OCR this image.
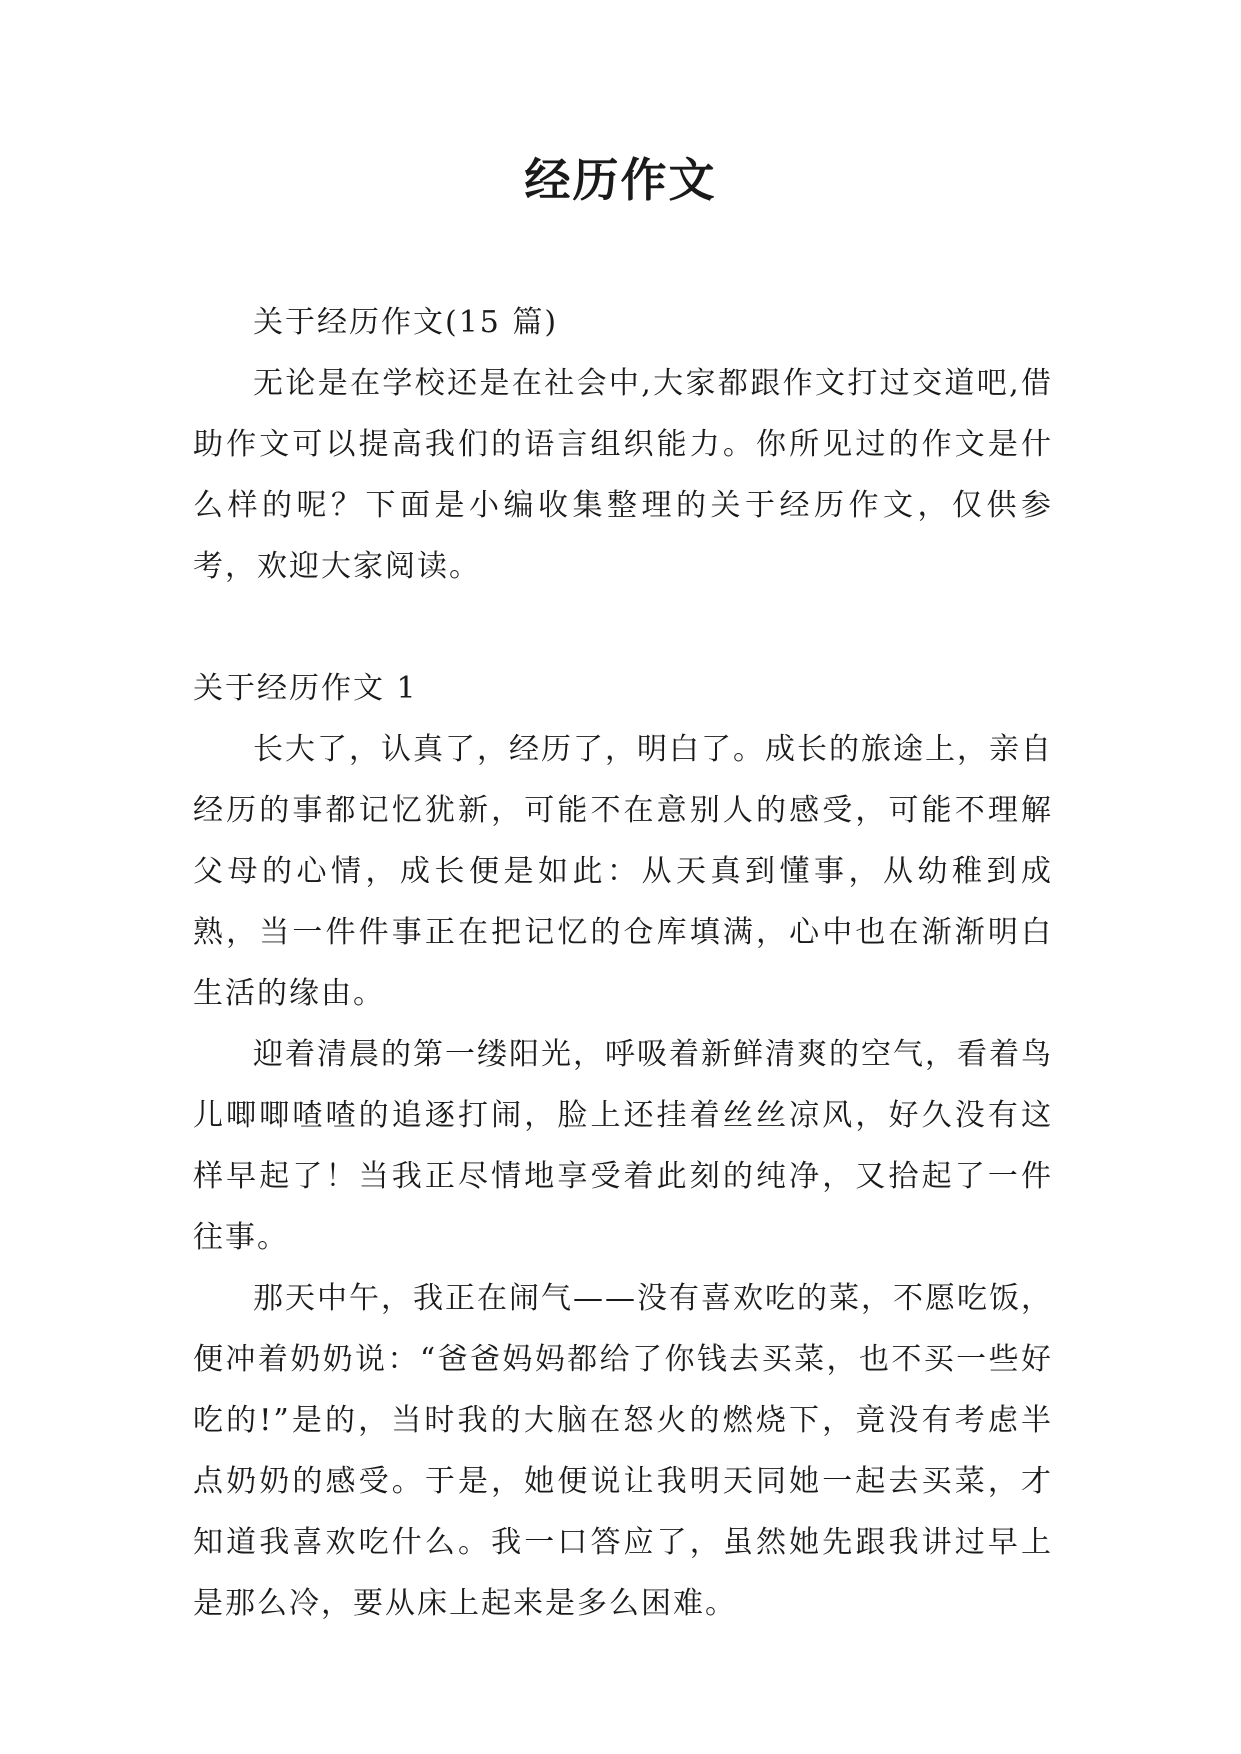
经历作文

关于经历作文(15 篇)

无论是在学校还是在社会中,大家都跟作文打过交道吧,借助作文可以提高我们的语言组织能力。你所见过的作文是什么样的呢？下面是小编收集整理的关于经历作文，仅供参考，欢迎大家阅读。

关于经历作文 1

长大了，认真了，经历了，明白了。成长的旅途上，亲自经历的事都记忆犹新，可能不在意别人的感受，可能不理解父母的心情，成长便是如此：从天真到懂事，从幼稚到成熟，当一件件事正在把记忆的仓库填满，心中也在渐渐明白生活的缘由。

迎着清晨的第一缕阳光，呼吸着新鲜清爽的空气，看着鸟儿唧唧喳喳的追逐打闹，脸上还挂着丝丝凉风，好久没有这样早起了！当我正尽情地享受着此刻的纯净，又拾起了一件往事。

那天中午，我正在闹气——没有喜欢吃的菜，不愿吃饭，便冲着奶奶说：“爸爸妈妈都给了你钱去买菜，也不买一些好吃的!”是的，当时我的大脑在怒火的燃烧下，竟没有考虑半点奶奶的感受。于是，她便说让我明天同她一起去买菜，才知道我喜欢吃什么。我一口答应了，虽然她先跟我讲过早上是那么冷，要从床上起来是多么困难。
